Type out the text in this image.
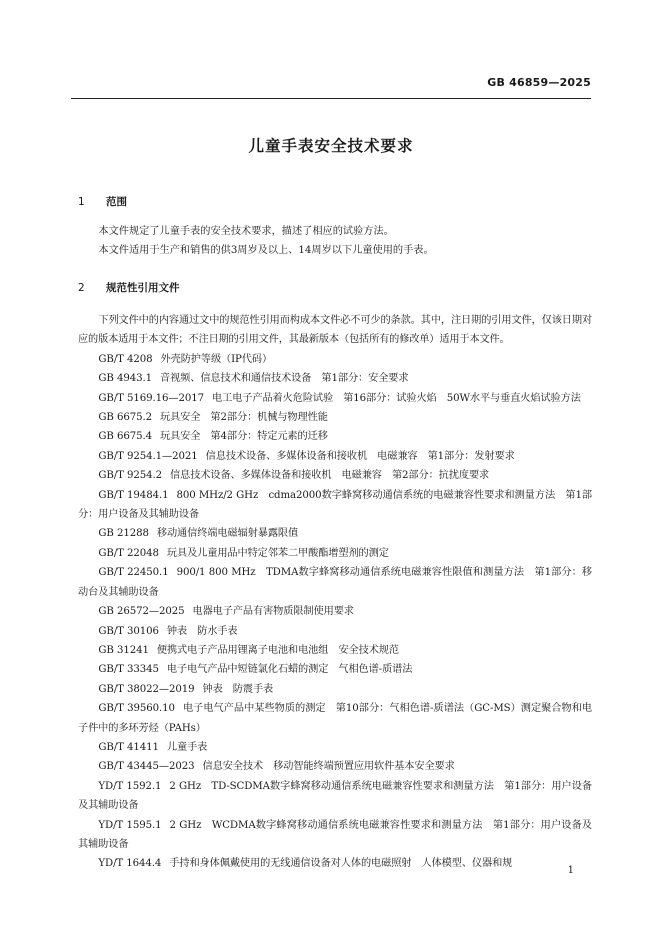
GB 46859—2025
儿童手表安全技术要求
1 范围

本文件规定了儿童手表的安全技术要求，描述了相应的试验方法。

本文件适用于生产和销售的供3周岁及以上、14周岁以下儿童使用的手表。

2 规范性引用文件

下列文件中的内容通过文中的规范性引用而构成本文件必不可少的条款。其中，注日期的引用文件，仅该日期对应的版本适用于本文件；不注日期的引用文件，其最新版本（包括所有的修改单）适用于本文件。

GB/T 4208 外壳防护等级（IP代码）

GB 4943.1 音视频、信息技术和通信技术设备　第1部分：安全要求

GB/T 5169.16—2017 电工电子产品着火危险试验　第16部分：试验火焰　50W水平与垂直火焰试验方法

GB 6675.2 玩具安全　第2部分：机械与物理性能

GB 6675.4 玩具安全　第4部分：特定元素的迁移

GB/T 9254.1—2021 信息技术设备、多媒体设备和接收机　电磁兼容　第1部分：发射要求

GB/T 9254.2 信息技术设备、多媒体设备和接收机　电磁兼容　第2部分：抗扰度要求

GB/T 19484.1 800 MHz/2 GHz　cdma2000数字蜂窝移动通信系统的电磁兼容性要求和测量方法　第1部分：用户设备及其辅助设备

GB 21288 移动通信终端电磁辐射暴露限值

GB/T 22048 玩具及儿童用品中特定邻苯二甲酸酯增塑剂的测定

GB/T 22450.1 900/1 800 MHz　TDMA数字蜂窝移动通信系统电磁兼容性限值和测量方法　第1部分：移动台及其辅助设备

GB 26572—2025 电器电子产品有害物质限制使用要求

GB/T 30106 钟表　防水手表

GB 31241 便携式电子产品用锂离子电池和电池组　安全技术规范

GB/T 33345 电子电气产品中短链氯化石蜡的测定　气相色谱-质谱法

GB/T 38022—2019 钟表　防震手表

GB/T 39560.10 电子电气产品中某些物质的测定　第10部分：气相色谱-质谱法（GC-MS）测定聚合物和电子件中的多环芳烃（PAHs）

GB/T 41411 儿童手表

GB/T 43445—2023 信息安全技术　移动智能终端预置应用软件基本安全要求

YD/T 1592.1 2 GHz　TD-SCDMA数字蜂窝移动通信系统电磁兼容性要求和测量方法　第1部分：用户设备及其辅助设备

YD/T 1595.1 2 GHz　WCDMA数字蜂窝移动通信系统电磁兼容性要求和测量方法　第1部分：用户设备及其辅助设备

YD/T 1644.4 手持和身体佩戴使用的无线通信设备对人体的电磁照射　人体模型、仪器和规

1
